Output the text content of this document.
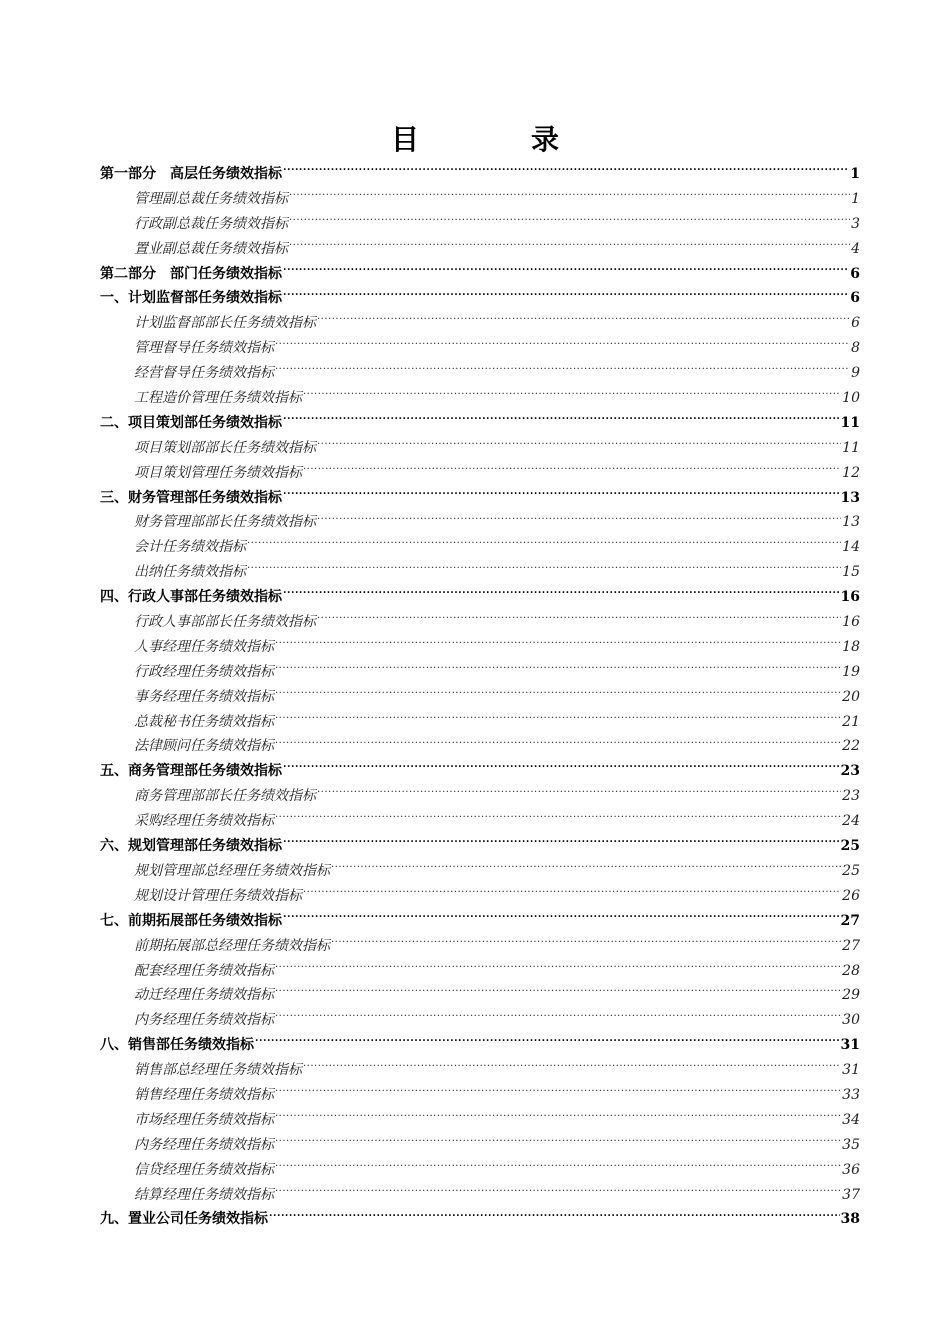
目　录
第一部分　高层任务绩效指标 .....	1
管理副总裁任务绩效指标 .....	1
行政副总裁任务绩效指标 .....	3
置业副总裁任务绩效指标 .....	4
第二部分　部门任务绩效指标 .....	6
一、计划监督部任务绩效指标 .....	6
计划监督部部长任务绩效指标 .....	6
管理督导任务绩效指标 .....	8
经营督导任务绩效指标 .....	9
工程造价管理任务绩效指标 .....	10
二、项目策划部任务绩效指标 .....	11
项目策划部部长任务绩效指标 .....	11
项目策划管理任务绩效指标 .....	12
三、财务管理部任务绩效指标 .....	13
财务管理部部长任务绩效指标 .....	13
会计任务绩效指标 .....	14
出纳任务绩效指标 .....	15
四、行政人事部任务绩效指标 .....	16
行政人事部部长任务绩效指标 .....	16
人事经理任务绩效指标 .....	18
行政经理任务绩效指标 .....	19
事务经理任务绩效指标 .....	20
总裁秘书任务绩效指标 .....	21
法律顾问任务绩效指标 .....	22
五、商务管理部任务绩效指标 .....	23
商务管理部部长任务绩效指标 .....	23
采购经理任务绩效指标 .....	24
六、规划管理部任务绩效指标 .....	25
规划管理部总经理任务绩效指标 .....	25
规划设计管理任务绩效指标 .....	26
七、前期拓展部任务绩效指标 .....	27
前期拓展部总经理任务绩效指标 .....	27
配套经理任务绩效指标 .....	28
动迁经理任务绩效指标 .....	29
内务经理任务绩效指标 .....	30
八、销售部任务绩效指标 .....	31
销售部总经理任务绩效指标 .....	31
销售经理任务绩效指标 .....	33
市场经理任务绩效指标 .....	34
内务经理任务绩效指标 .....	35
信贷经理任务绩效指标 .....	36
结算经理任务绩效指标 .....	37
九、置业公司任务绩效指标 .....	38
